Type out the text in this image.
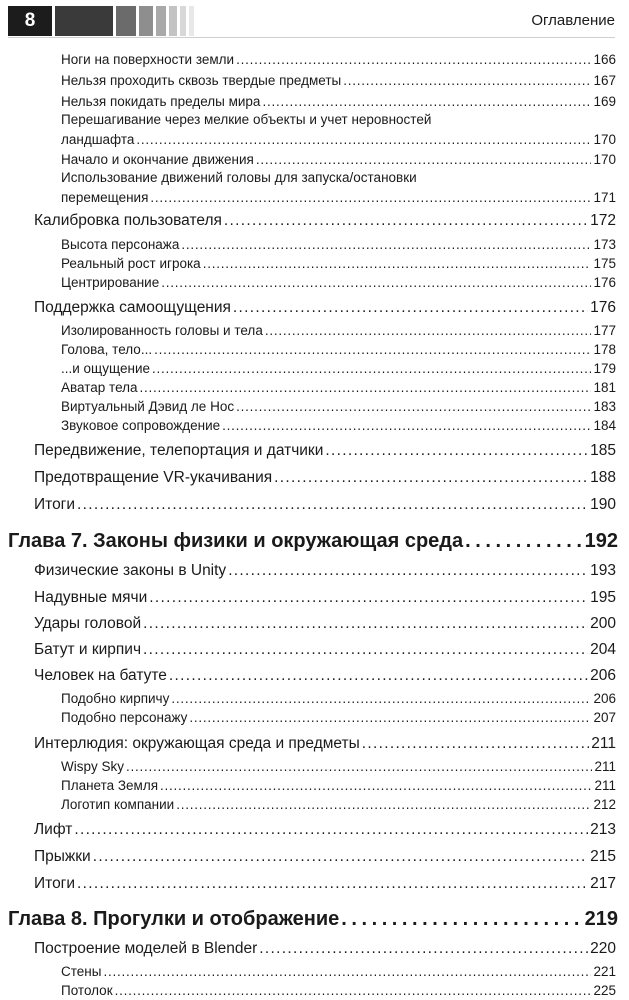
8	Оглавление
Ноги на поверхности земли . . .	166
Нельзя проходить сквозь твердые предметы . . .	167
Нельзя покидать пределы мира . . .	169
Перешагивание через мелкие объекты и учет неровностей
ландшафта . . .	170
Начало и окончание движения . . .	170
Использование движений головы для запуска/остановки
перемещения . . .	171
Калибровка пользователя . . .	172
Высота персонажа . . .	173
Реальный рост игрока . . .	175
Центрирование . . .	176
Поддержка самоощущения . . .	176
Изолированность головы и тела . . .	177
Голова, тело... . . .	178
...и ощущение . . .	179
Аватар тела . . .	181
Виртуальный Дэвид ле Нос . . .	183
Звуковое сопровождение . . .	184
Передвижение, телепортация и датчики . . .	185
Предотвращение VR-укачивания . . .	188
Итоги . . .	190
Глава 7. Законы физики и окружающая среда . . .	192
Физические законы в Unity . . .	193
Надувные мячи . . .	195
Удары головой . . .	200
Батут и кирпич . . .	204
Человек на батуте . . .	206
Подобно кирпичу . . .	206
Подобно персонажу . . .	207
Интерлюдия: окружающая среда и предметы . . .	211
Wispy Sky . . .	211
Планета Земля . . .	211
Логотип компании . . .	212
Лифт . . .	213
Прыжки . . .	215
Итоги . . .	217
Глава 8. Прогулки и отображение . . .	219
Построение моделей в Blender . . .	220
Стены . . .	221
Потолок . . .	225
